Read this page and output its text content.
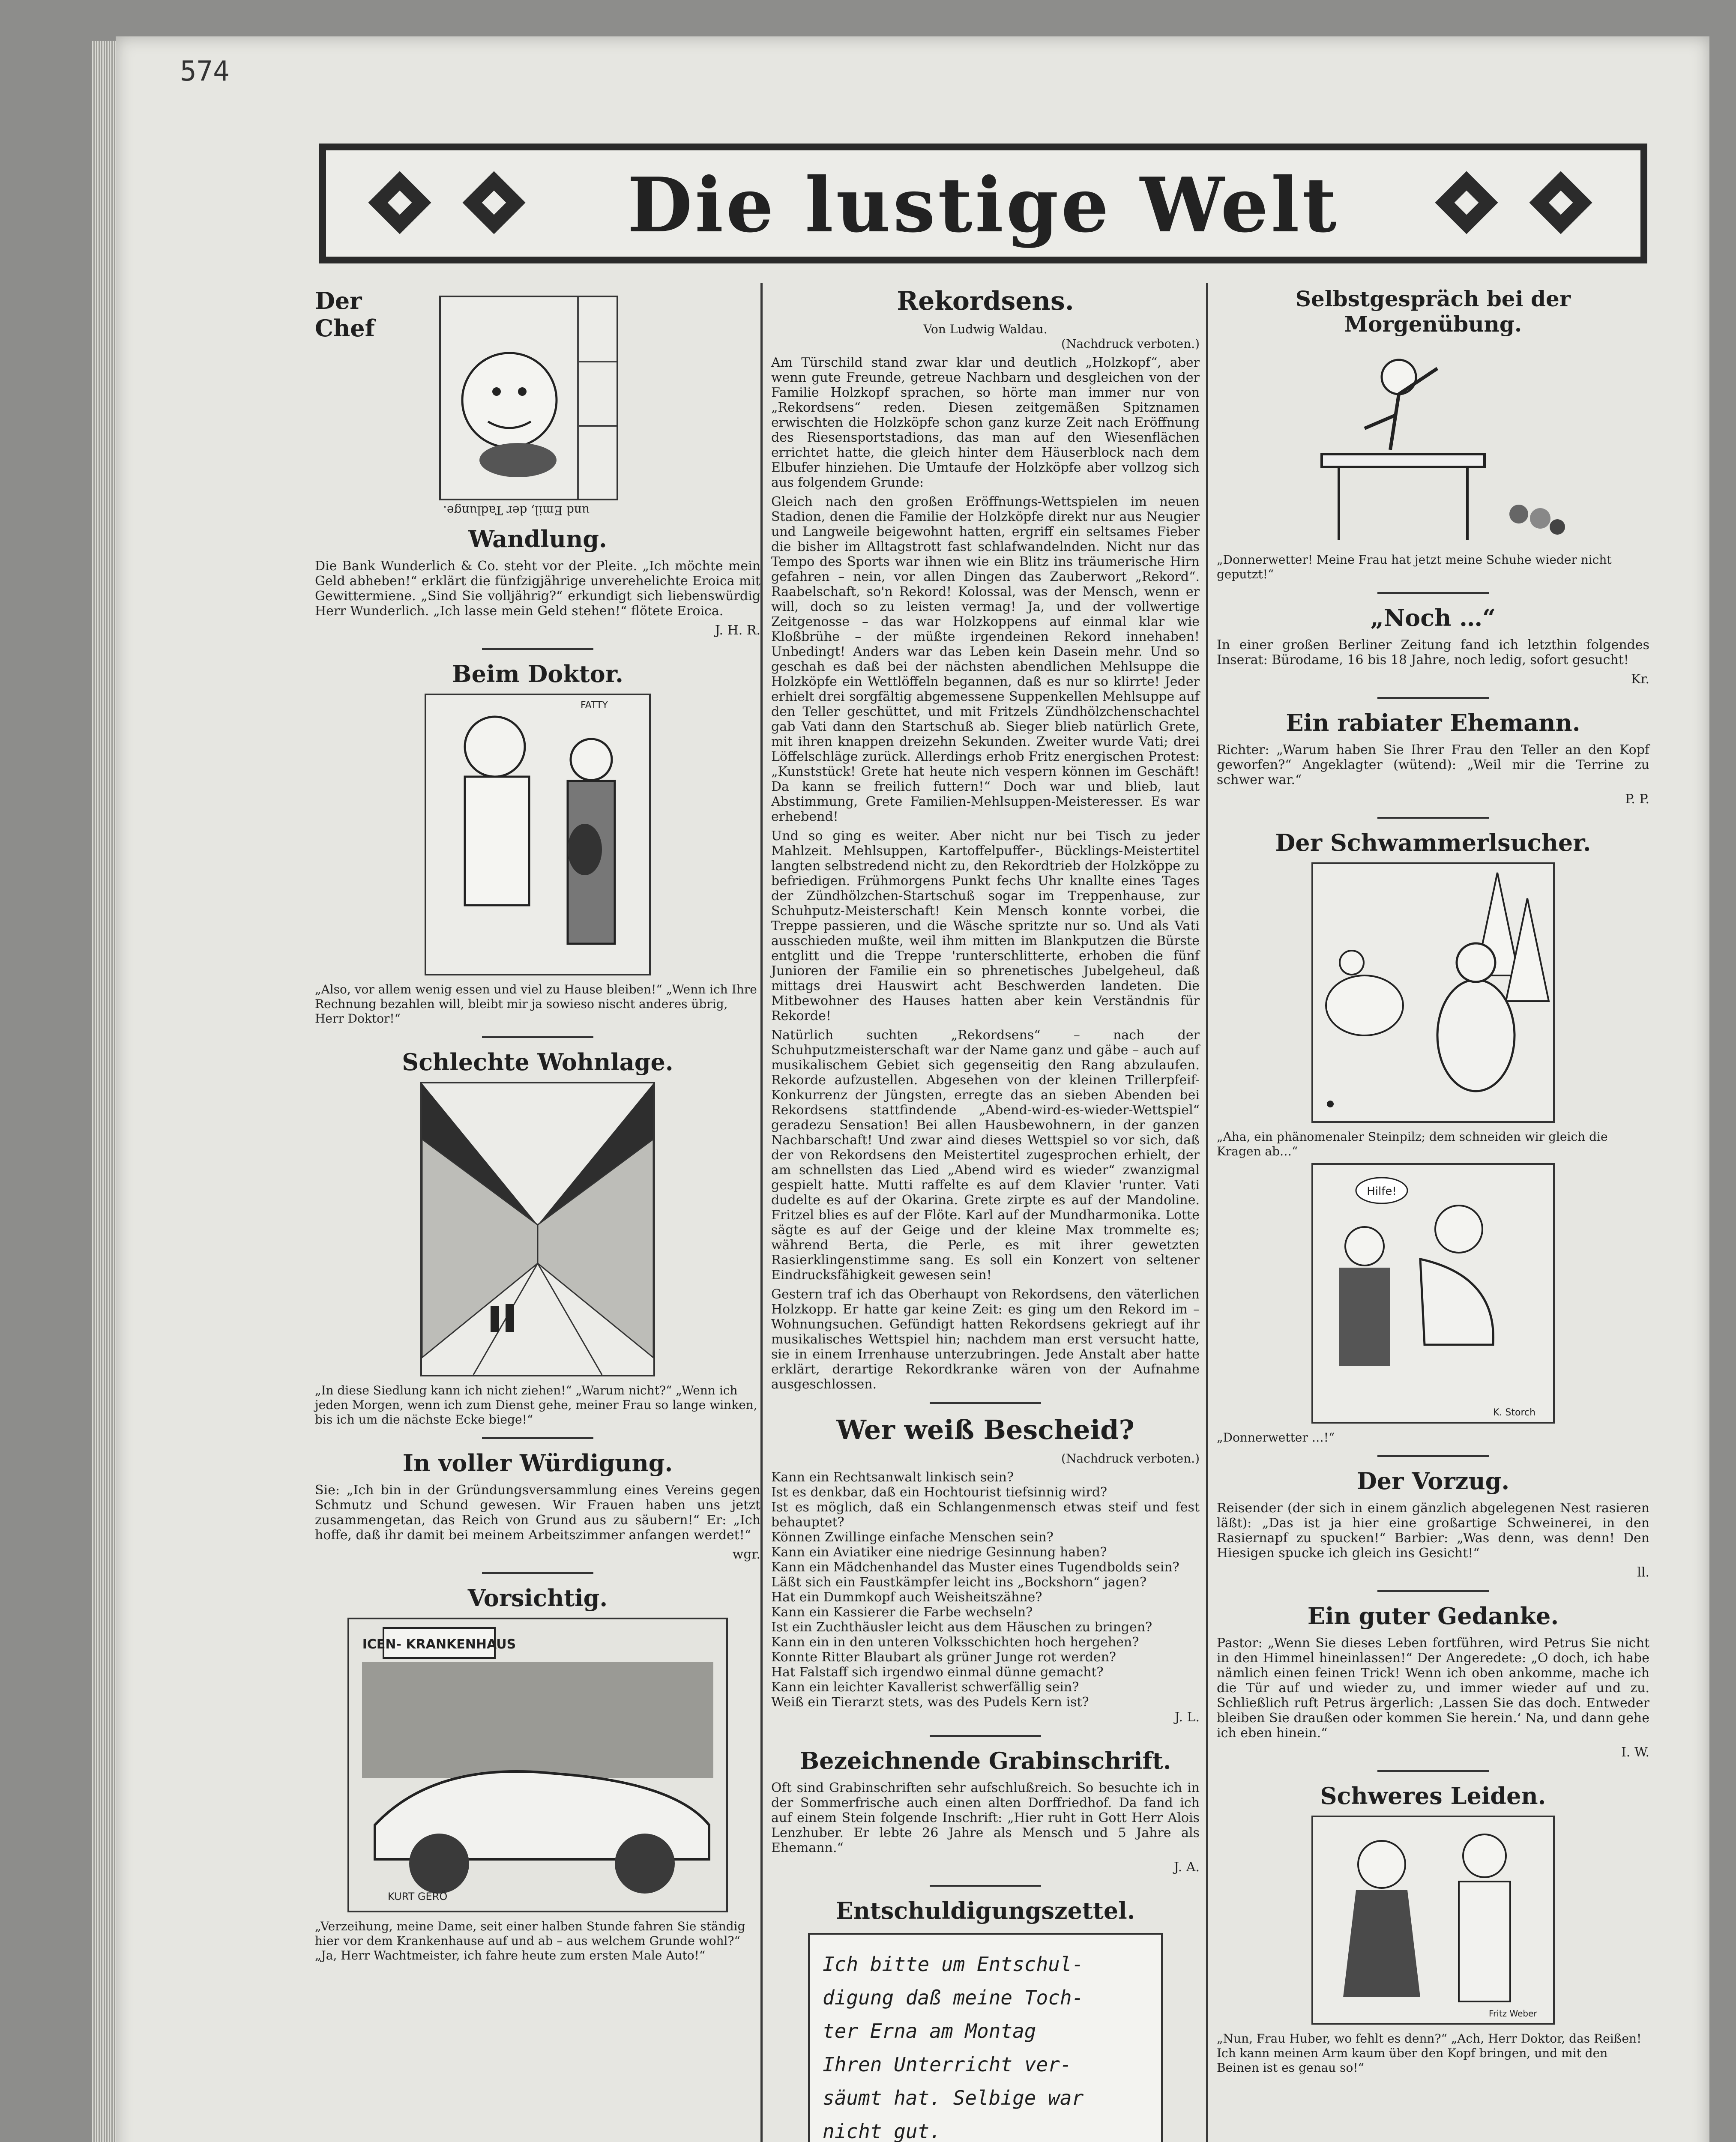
574
Die lustige Welt
Der Chef
und Emil, der Tadlunge.
Wandlung.

Die Bank Wunderlich & Co. steht vor der Pleite. „Ich möchte mein Geld abheben!“ erklärt die fünfzigjährige unverehelichte Eroica mit Gewittermiene. „Sind Sie volljährig?“ erkundigt sich liebenswürdig Herr Wunderlich. „Ich lasse mein Geld stehen!“ flötete Eroica.

J. H. R.
Beim Doktor.
FATTY

„Also, vor allem wenig essen und viel zu Hause bleiben!“ „Wenn ich Ihre Rechnung bezahlen will, bleibt mir ja sowieso nischt anderes übrig, Herr Doktor!“

Schlechte Wohnlage.

„In diese Siedlung kann ich nicht ziehen!“ „Warum nicht?“ „Wenn ich jeden Morgen, wenn ich zum Dienst gehe, meiner Frau so lange winken, bis ich um die nächste Ecke biege!“

In voller Würdigung.

Sie: „Ich bin in der Gründungsversammlung eines Vereins gegen Schmutz und Schund gewesen. Wir Frauen haben uns jetzt zusammengetan, das Reich von Grund aus zu säubern!“ Er: „Ich hoffe, daß ihr damit bei meinem Arbeitszimmer anfangen werdet!“

wgr.
Vorsichtig.
ICEN- KRANKENHAUS
KURT GERÖ

„Verzeihung, meine Dame, seit einer halben Stunde fahren Sie ständig hier vor dem Krankenhause auf und ab – aus welchem Grunde wohl?“ „Ja, Herr Wachtmeister, ich fahre heute zum ersten Male Auto!“

Rekordsens.
Von Ludwig Waldau.
(Nachdruck verboten.)

Am Türschild stand zwar klar und deutlich „Holzkopf“, aber wenn gute Freunde, getreue Nachbarn und desgleichen von der Familie Holzkopf sprachen, so hörte man immer nur von „Rekordsens“ reden. Diesen zeitgemäßen Spitznamen erwischten die Holzköpfe schon ganz kurze Zeit nach Eröffnung des Riesensportstadions, das man auf den Wiesenflächen errichtet hatte, die gleich hinter dem Häuserblock nach dem Elbufer hinziehen. Die Umtaufe der Holzköpfe aber vollzog sich aus folgendem Grunde:

Gleich nach den großen Eröffnungs-Wettspielen im neuen Stadion, denen die Familie der Holzköpfe direkt nur aus Neugier und Langweile beigewohnt hatten, ergriff ein seltsames Fieber die bisher im Alltagstrott fast schlafwandelnden. Nicht nur das Tempo des Sports war ihnen wie ein Blitz ins träumerische Hirn gefahren – nein, vor allen Dingen das Zauberwort „Rekord“. Raabelschaft, so'n Rekord! Kolossal, was der Mensch, wenn er will, doch so zu leisten vermag! Ja, und der vollwertige Zeitgenosse – das war Holzkoppens auf einmal klar wie Kloßbrühe – der müßte irgendeinen Rekord innehaben! Unbedingt! Anders war das Leben kein Dasein mehr. Und so geschah es daß bei der nächsten abendlichen Mehlsuppe die Holzköpfe ein Wettlöffeln begannen, daß es nur so klirrte! Jeder erhielt drei sorgfältig abgemessene Suppenkellen Mehlsuppe auf den Teller geschüttet, und mit Fritzels Zündhölzchenschachtel gab Vati dann den Startschuß ab. Sieger blieb natürlich Grete, mit ihren knappen dreizehn Sekunden. Zweiter wurde Vati; drei Löffelschläge zurück. Allerdings erhob Fritz energischen Protest: „Kunststück! Grete hat heute nich vespern können im Geschäft! Da kann se freilich futtern!“ Doch war und blieb, laut Abstimmung, Grete Familien-Mehlsuppen-Meisteresser. Es war erhebend!

Und so ging es weiter. Aber nicht nur bei Tisch zu jeder Mahlzeit. Mehlsuppen, Kartoffelpuffer-, Bücklings-Meistertitel langten selbstredend nicht zu, den Rekordtrieb der Holzköppe zu befriedigen. Frühmorgens Punkt fechs Uhr knallte eines Tages der Zündhölzchen-Startschuß sogar im Treppenhause, zur Schuhputz-Meisterschaft! Kein Mensch konnte vorbei, die Treppe passieren, und die Wäsche spritzte nur so. Und als Vati ausschieden mußte, weil ihm mitten im Blankputzen die Bürste entglitt und die Treppe 'runterschlitterte, erhoben die fünf Junioren der Familie ein so phrenetisches Jubelgeheul, daß mittags drei Hauswirt acht Beschwerden landeten. Die Mitbewohner des Hauses hatten aber kein Verständnis für Rekorde!

Natürlich suchten „Rekordsens“ – nach der Schuhputzmeisterschaft war der Name ganz und gäbe – auch auf musikalischem Gebiet sich gegenseitig den Rang abzulaufen. Rekorde aufzustellen. Abgesehen von der kleinen Trillerpfeif-Konkurrenz der Jüngsten, erregte das an sieben Abenden bei Rekordsens stattfindende „Abend-wird-es-wieder-Wettspiel“ geradezu Sensation! Bei allen Hausbewohnern, in der ganzen Nachbarschaft! Und zwar aind dieses Wettspiel so vor sich, daß der von Rekordsens den Meistertitel zugesprochen erhielt, der am schnellsten das Lied „Abend wird es wieder“ zwanzigmal gespielt hatte. Mutti raffelte es auf dem Klavier 'runter. Vati dudelte es auf der Okarina. Grete zirpte es auf der Mandoline. Fritzel blies es auf der Flöte. Karl auf der Mundharmonika. Lotte sägte es auf der Geige und der kleine Max trommelte es; während Berta, die Perle, es mit ihrer gewetzten Rasierklingenstimme sang. Es soll ein Konzert von seltener Eindrucksfähigkeit gewesen sein!

Gestern traf ich das Oberhaupt von Rekordsens, den väterlichen Holzkopp. Er hatte gar keine Zeit: es ging um den Rekord im – Wohnungsuchen. Gefündigt hatten Rekordsens gekriegt auf ihr musikalisches Wettspiel hin; nachdem man erst versucht hatte, sie in einem Irrenhause unterzubringen. Jede Anstalt aber hatte erklärt, derartige Rekordkranke wären von der Aufnahme ausgeschlossen.

Wer weiß Bescheid?
(Nachdruck verboten.)
Kann ein Rechtsanwalt linkisch sein?
Ist es denkbar, daß ein Hochtourist tiefsinnig wird?
Ist es möglich, daß ein Schlangenmensch etwas steif und fest behauptet?
Können Zwillinge einfache Menschen sein?
Kann ein Aviatiker eine niedrige Gesinnung haben?
Kann ein Mädchenhandel das Muster eines Tugendbolds sein?
Läßt sich ein Faustkämpfer leicht ins „Bockshorn“ jagen?
Hat ein Dummkopf auch Weisheitszähne?
Kann ein Kassierer die Farbe wechseln?
Ist ein Zuchthäusler leicht aus dem Häuschen zu bringen?
Kann ein in den unteren Volksschichten hoch hergehen?
Konnte Ritter Blaubart als grüner Junge rot werden?
Hat Falstaff sich irgendwo einmal dünne gemacht?
Kann ein leichter Kavallerist schwerfällig sein?
Weiß ein Tierarzt stets, was des Pudels Kern ist?
J. L.
Bezeichnende Grabinschrift.

Oft sind Grabinschriften sehr aufschlußreich. So besuchte ich in der Sommerfrische auch einen alten Dorffriedhof. Da fand ich auf einem Stein folgende Inschrift: „Hier ruht in Gott Herr Alois Lenzhuber. Er lebte 26 Jahre als Mensch und 5 Jahre als Ehemann.“

J. A.
Entschuldigungszettel.

Ich bitte um Entschul-

digung daß meine Toch-

ter Erna am Montag

Ihren Unterricht ver-

säumt hat. Selbige war

nicht gut.

Selbstgespräch bei der Morgenübung.

„Donnerwetter! Meine Frau hat jetzt meine Schuhe wieder nicht geputzt!“

„Noch …“

In einer großen Berliner Zeitung fand ich letzthin folgendes Inserat: Bürodame, 16 bis 18 Jahre, noch ledig, sofort gesucht!

Kr.
Ein rabiater Ehemann.

Richter: „Warum haben Sie Ihrer Frau den Teller an den Kopf geworfen?“ Angeklagter (wütend): „Weil mir die Terrine zu schwer war.“

P. P.
Der Schwammerlsucher.

„Aha, ein phänomenaler Steinpilz; dem schneiden wir gleich die Kragen ab…“

Hilfe!
K. Storch

„Donnerwetter …!“

Der Vorzug.

Reisender (der sich in einem gänzlich abgelegenen Nest rasieren läßt): „Das ist ja hier eine großartige Schweinerei, in den Rasiernapf zu spucken!“ Barbier: „Was denn, was denn! Den Hiesigen spucke ich gleich ins Gesicht!“

ll.
Ein guter Gedanke.

Pastor: „Wenn Sie dieses Leben fortführen, wird Petrus Sie nicht in den Himmel hineinlassen!“ Der Angeredete: „O doch, ich habe nämlich einen feinen Trick! Wenn ich oben ankomme, mache ich die Tür auf und wieder zu, und immer wieder auf und zu. Schließlich ruft Petrus ärgerlich: ‚Lassen Sie das doch. Entweder bleiben Sie draußen oder kommen Sie herein.‘ Na, und dann gehe ich eben hinein.“

I. W.
Schweres Leiden.
Fritz Weber

„Nun, Frau Huber, wo fehlt es denn?“ „Ach, Herr Doktor, das Reißen! Ich kann meinen Arm kaum über den Kopf bringen, und mit den Beinen ist es genau so!“
